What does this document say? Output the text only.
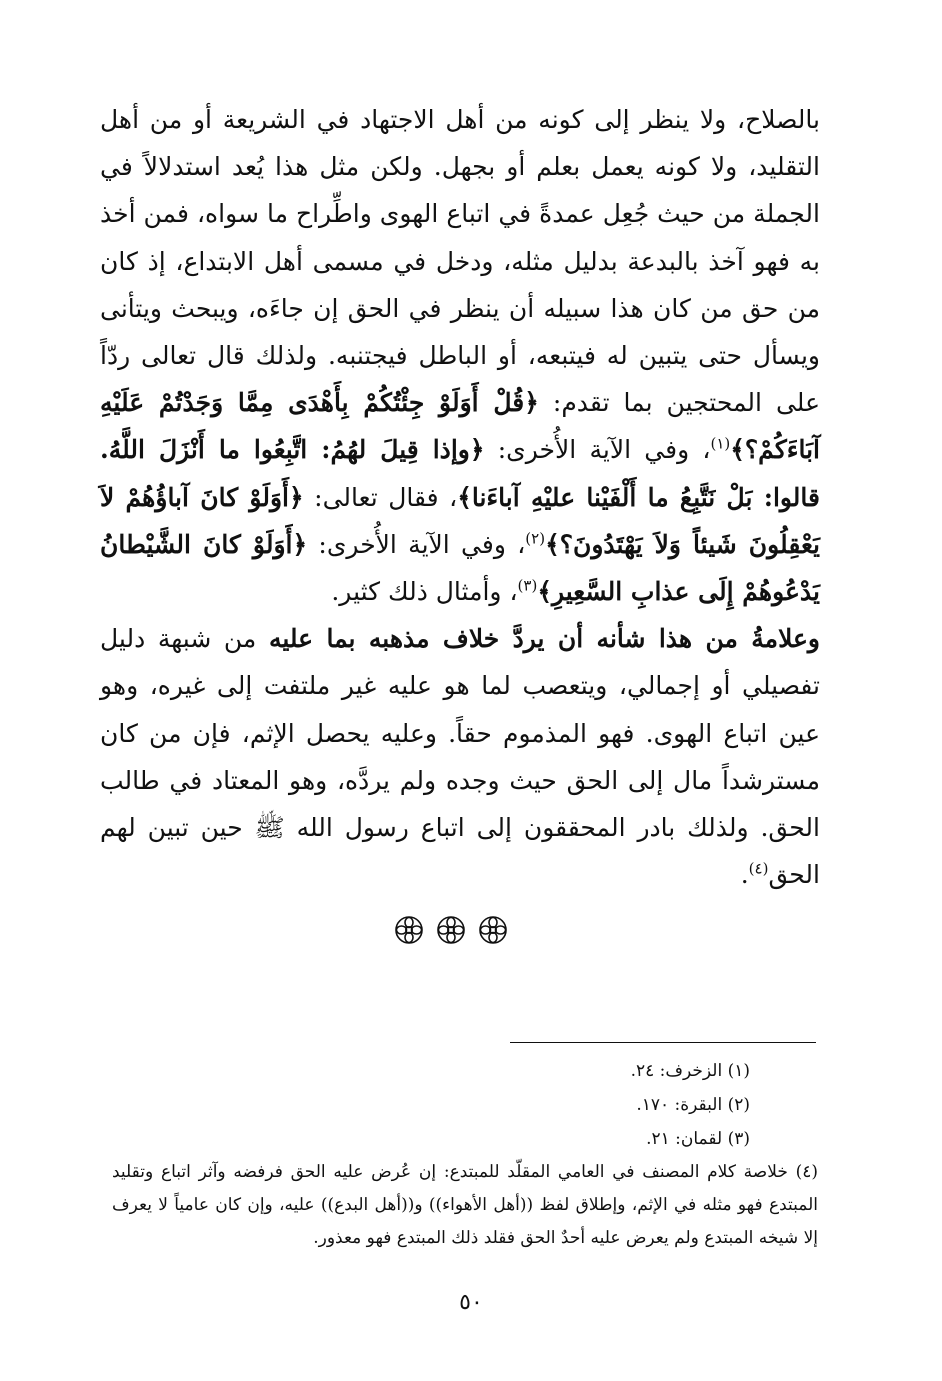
بالصلاح، ولا ينظر إلى كونه من أهل الاجتهاد في الشريعة أو من أهل التقليد، ولا كونه يعمل بعلم أو بجهل. ولكن مثل هذا يُعد استدلالاً في الجملة من حيث جُعِل عمدةً في اتباع الهوى واطِّراح ما سواه، فمن أخذ به فهو آخذ بالبدعة بدليل مثله، ودخل في مسمى أهل الابتداع، إذ كان من حق من كان هذا سبيله أن ينظر في الحق إن جاءَه، ويبحث ويتأنى ويسأل حتى يتبين له فيتبعه، أو الباطل فيجتنبه. ولذلك قال تعالى ردّاً على المحتجين بما تقدم: ﴿قُلْ أَوَلَوْ جِئْتُكُمْ بِأَهْدَى مِمَّا وَجَدْتُمْ عَلَيْهِ آبَاءَكُمْ؟﴾$^{(١)}$، وفي الآية الأُخرى: ﴿وإذا قِيلَ لهُمُ: اتَّبِعُوا ما أَنْزَلَ اللَّهُ. قالوا: بَلْ نَتَّبِعُ ما أَلْفَيْنا عليْهِ آباءَنا﴾، فقال تعالى: ﴿أَوَلَوْ كانَ آباؤُهُمْ لاَ يَعْقِلُونَ شَيئاً وَلاَ يَهْتَدُونَ؟﴾$^{(٢)}$، وفي الآية الأُخرى: ﴿أَوَلَوْ كانَ الشَّيْطانُ يَدْعُوهُمْ إِلَى عذابِ السَّعِيرِ﴾$^{(٣)}$، وأمثال ذلك كثير.

وعلامةُ من هذا شأنه أن يردَّ خلاف مذهبه بما عليه من شبهة دليل تفصيلي أو إجمالي، ويتعصب لما هو عليه غير ملتفت إلى غيره، وهو عين اتباع الهوى. فهو المذموم حقاً. وعليه يحصل الإثم، فإن من كان مسترشداً مال إلى الحق حيث وجده ولم يردَّه، وهو المعتاد في طالب الحق. ولذلك بادر المحققون إلى اتباع رسول الله ﷺ حين تبين لهم الحق$^{(٤)}$.

(١) الزخرف: ٢٤.

(٢) البقرة: ١٧٠.

(٣) لقمان: ٢١.

(٤) خلاصة كلام المصنف في العامي المقلّد للمبتدع: إن عُرض عليه الحق فرفضه وآثر اتباع وتقليد المبتدع فهو مثله في الإثم، وإطلاق لفظ ((أهل الأهواء)) و((أهل البدع)) عليه، وإن كان عامياً لا يعرف إلا شيخه المبتدع ولم يعرض عليه أحدٌ الحق فقلد ذلك المبتدع فهو معذور.

٥٠
